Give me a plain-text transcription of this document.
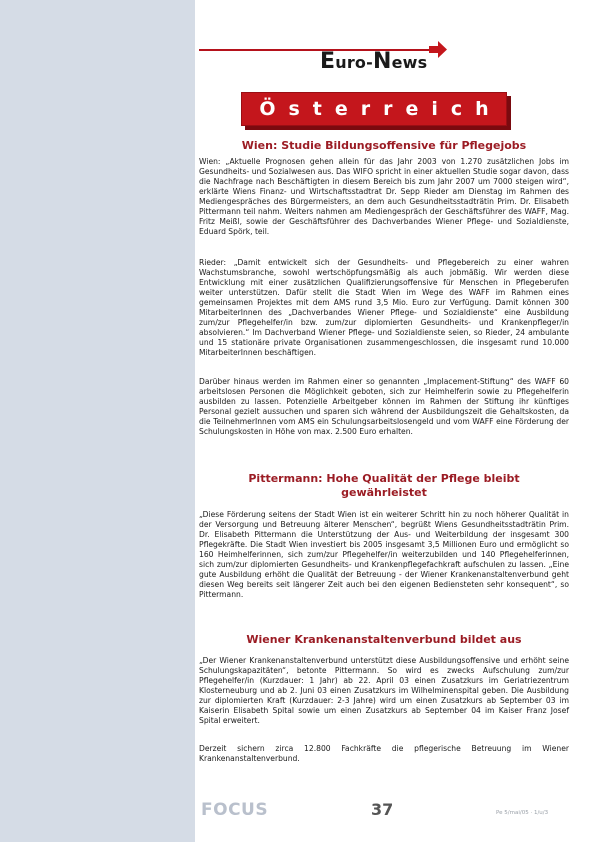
Euro-News
Österreich
Wien: Studie Bildungsoffensive für Pflegejobs
Wien: „Aktuelle Prognosen gehen allein für das Jahr 2003 von 1.270 zusätzlichen Jobs im Gesundheits- und Sozialwesen aus. Das WIFO spricht in einer aktuellen Studie sogar davon, dass die Nachfrage nach Beschäftigten in diesem Bereich bis zum Jahr 2007 um 7000 steigen wird“, erklärte Wiens Finanz- und Wirtschaftsstadtrat Dr. Sepp Rieder am Dienstag im Rahmen des Mediengespräches des Bürgermeisters, an dem auch Gesundheitsstadträtin Prim. Dr. Elisabeth Pittermann teil nahm. Weiters nahmen am Mediengespräch der Geschäftsführer des WAFF, Mag. Fritz Meißl, sowie der Geschäftsführer des Dachverbandes Wiener Pflege- und Sozialdienste, Eduard Spörk, teil.
Rieder: „Damit entwickelt sich der Gesundheits- und Pflegebereich zu einer wahren Wachstumsbranche, sowohl wertschöpfungsmäßig als auch jobmäßig. Wir werden diese Entwicklung mit einer zusätzlichen Qualifizierungsoffensive für Menschen in Pflegeberufen weiter unterstützen. Dafür stellt die Stadt Wien im Wege des WAFF im Rahmen eines gemeinsamen Projektes mit dem AMS rund 3,5 Mio. Euro zur Verfügung. Damit können 300 MitarbeiterInnen des „Dachverbandes Wiener Pflege- und Sozialdienste“ eine Ausbildung zum/zur Pflegehelfer/in bzw. zum/zur diplomierten Gesundheits- und Krankenpfleger/in absolvieren.“ Im Dachverband Wiener Pflege- und Sozialdienste seien, so Rieder, 24 ambulante und 15 stationäre private Organisationen zusammengeschlossen, die insgesamt rund 10.000 MitarbeiterInnen beschäftigen.
Darüber hinaus werden im Rahmen einer so genannten „Implacement-Stiftung“ des WAFF 60 arbeitslosen Personen die Möglichkeit geboten, sich zur Heimhelferin sowie zu Pflegehelferin ausbilden zu lassen. Potenzielle Arbeitgeber können im Rahmen der Stiftung ihr künftiges Personal gezielt aussuchen und sparen sich während der Ausbildungszeit die Gehaltskosten, da die TeilnehmerInnen vom AMS ein Schulungsarbeitslosengeld und vom WAFF eine Förderung der Schulungskosten in Höhe von max. 2.500 Euro erhalten.
Pittermann: Hohe Qualität der Pflege bleibt
gewährleistet
„Diese Förderung seitens der Stadt Wien ist ein weiterer Schritt hin zu noch höherer Qualität in der Versorgung und Betreuung älterer Menschen“, begrüßt Wiens Gesundheitsstadträtin Prim. Dr. Elisabeth Pittermann die Unterstützung der Aus- und Weiterbildung der insgesamt 300 Pflegekräfte. Die Stadt Wien investiert bis 2005 insgesamt 3,5 Millionen Euro und ermöglicht so 160 Heimhelferinnen, sich zum/zur Pflegehelfer/in weiterzubilden und 140 Pflegehelferinnen, sich zum/zur diplomierten Gesundheits- und Krankenpflegefachkraft aufschulen zu lassen. „Eine gute Ausbildung erhöht die Qualität der Betreuung - der Wiener Krankenanstaltenverbund geht diesen Weg bereits seit längerer Zeit auch bei den eigenen Bediensteten sehr konsequent“, so Pittermann.
Wiener Krankenanstaltenverbund bildet aus
„Der Wiener Krankenanstaltenverbund unterstützt diese Ausbildungsoffensive und erhöht seine Schulungskapazitäten“, betonte Pittermann. So wird es zwecks Aufschulung zum/zur Pflegehelfer/in (Kurzdauer: 1 Jahr) ab 22. April 03 einen Zusatzkurs im Geriatriezentrum Klosterneuburg und ab 2. Juni 03 einen Zusatzkurs im Wilhelminenspital geben. Die Ausbildung zur diplomierten Kraft (Kurzdauer: 2-3 Jahre) wird um einen Zusatzkurs ab September 03 im Kaiserin Elisabeth Spital sowie um einen Zusatzkurs ab September 04 im Kaiser Franz Josef Spital erweitert.
Derzeit sichern zirca 12.800 Fachkräfte die pflegerische Betreuung im Wiener Krankenanstaltenverbund.
FOCUS	37	Pe 5/mai/05 · 1/u/3
